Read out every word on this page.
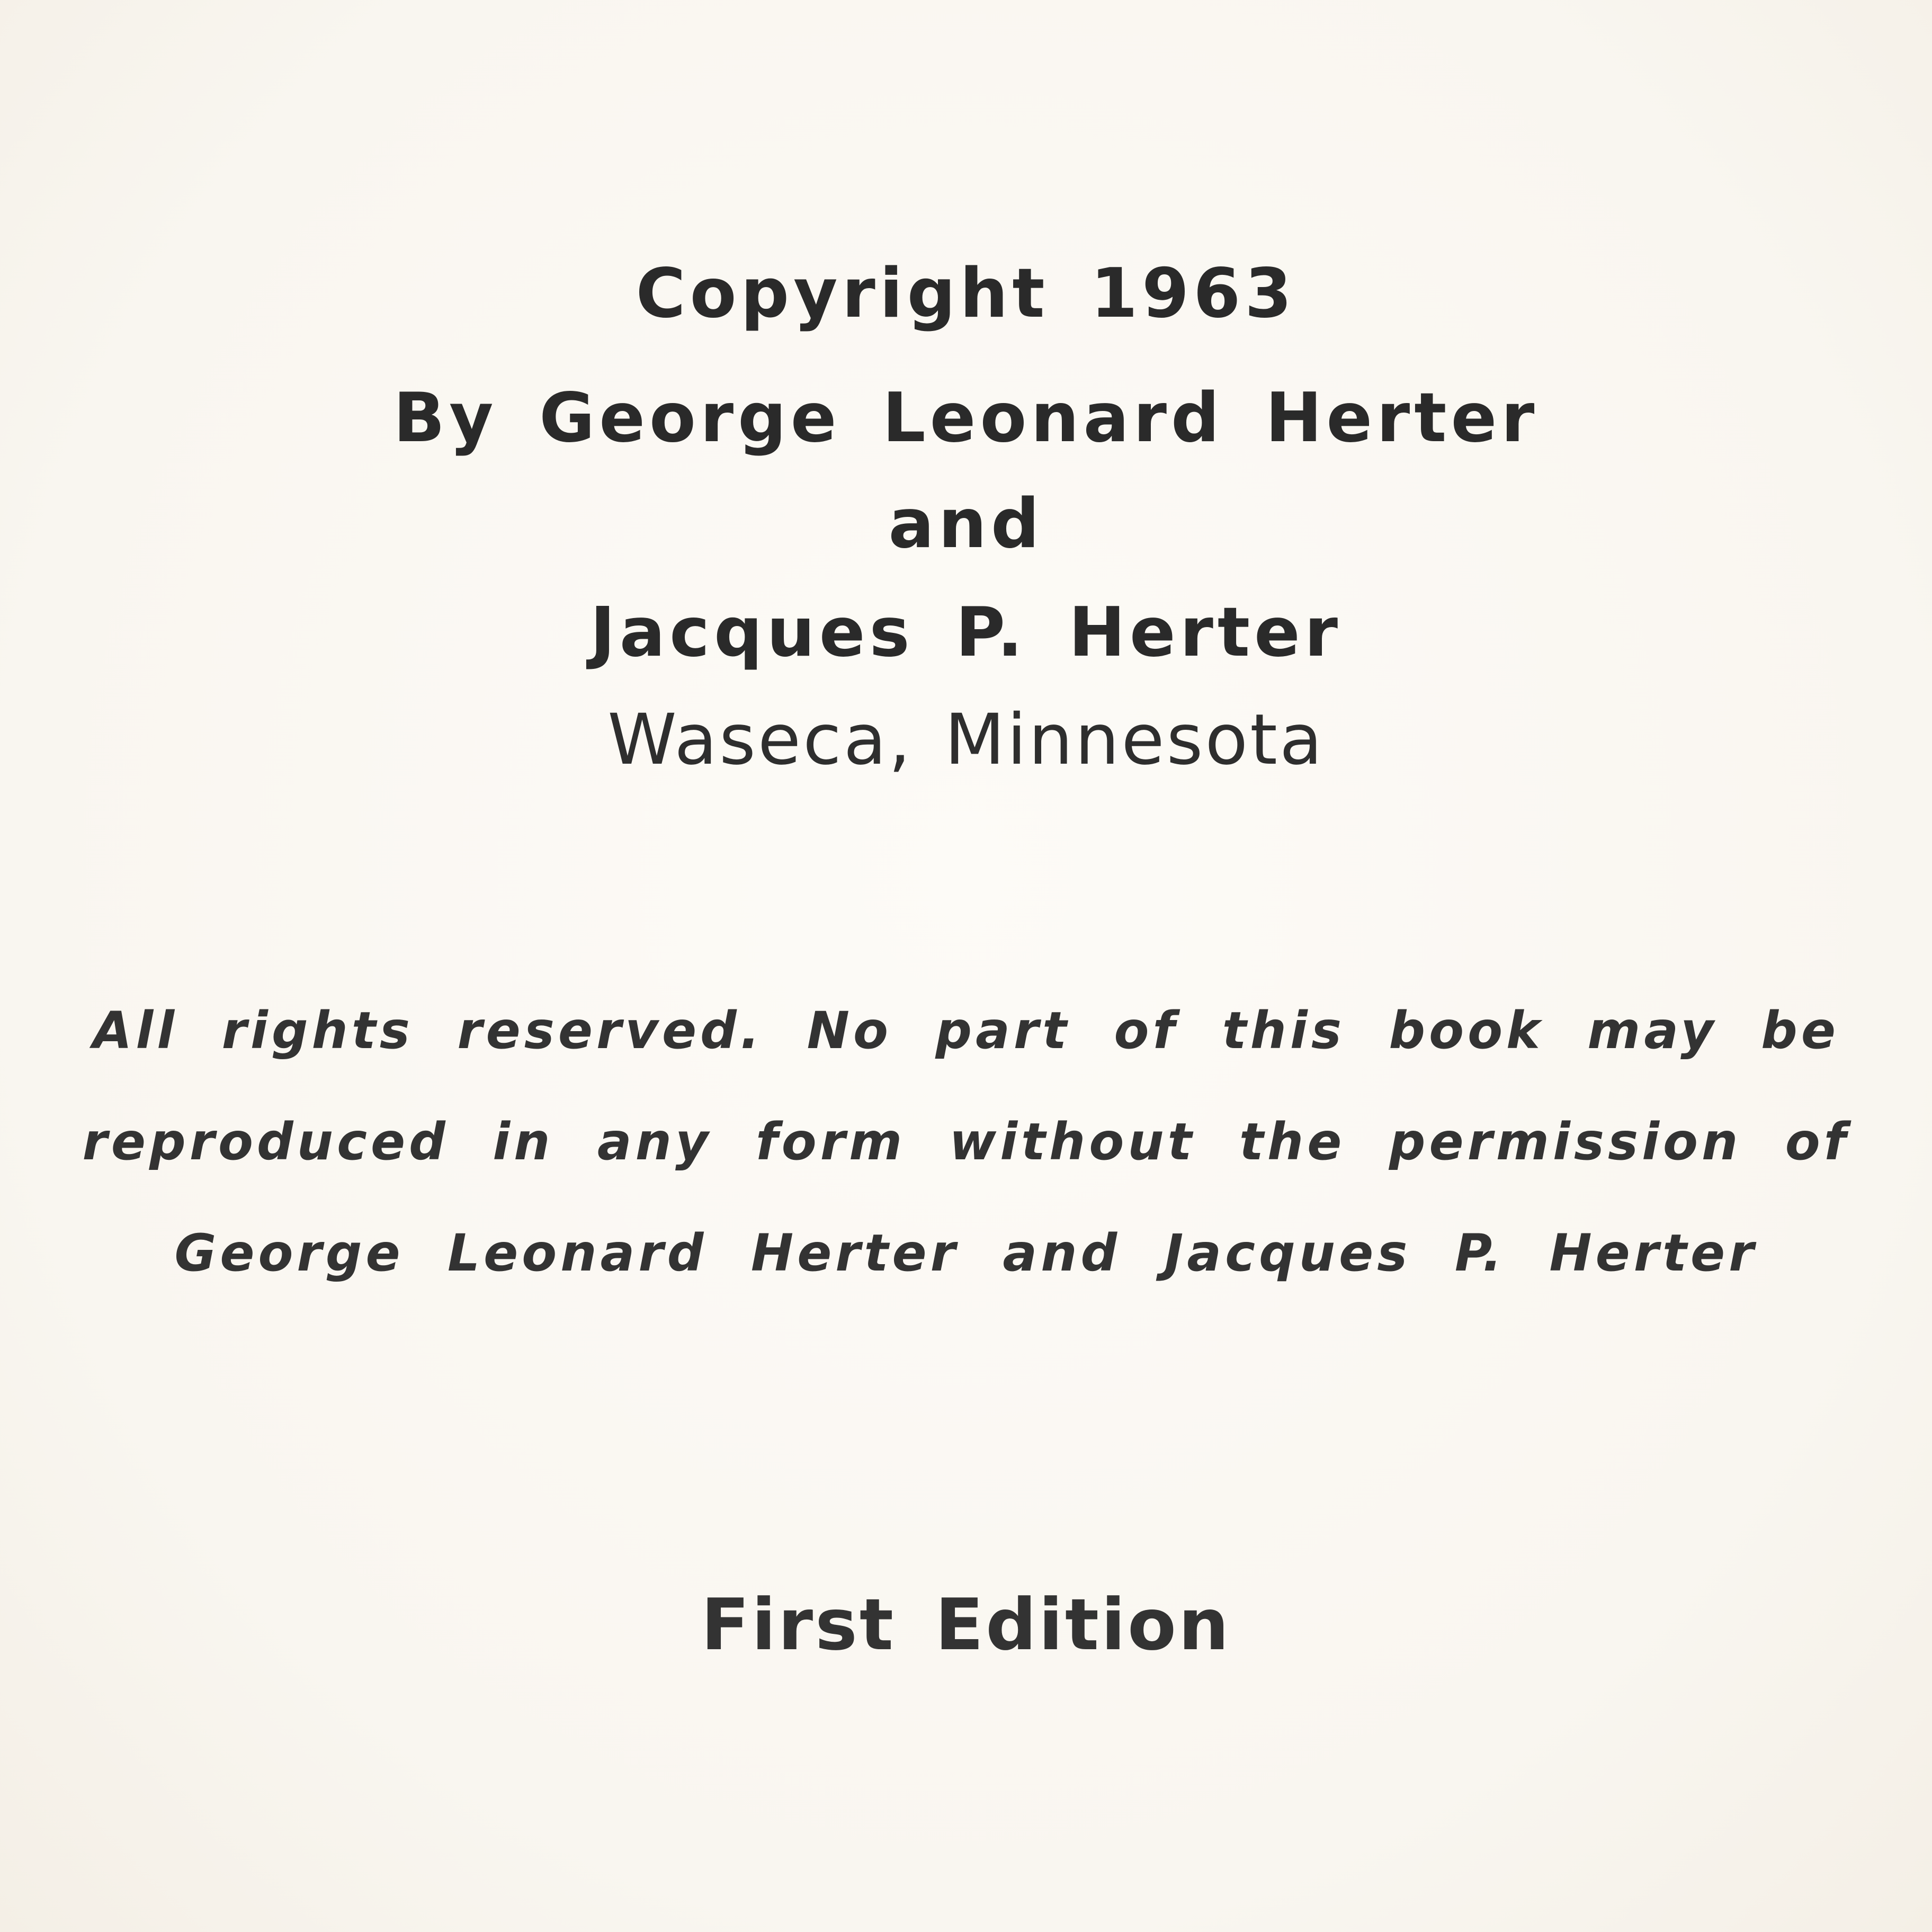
Copyright 1963
By George Leonard Herter
and
Jacques P. Herter
Waseca, Minnesota
All rights reserved. No part of this book may be
reproduced in any form without the permission of
George Leonard Herter and Jacques P. Herter
First Edition
